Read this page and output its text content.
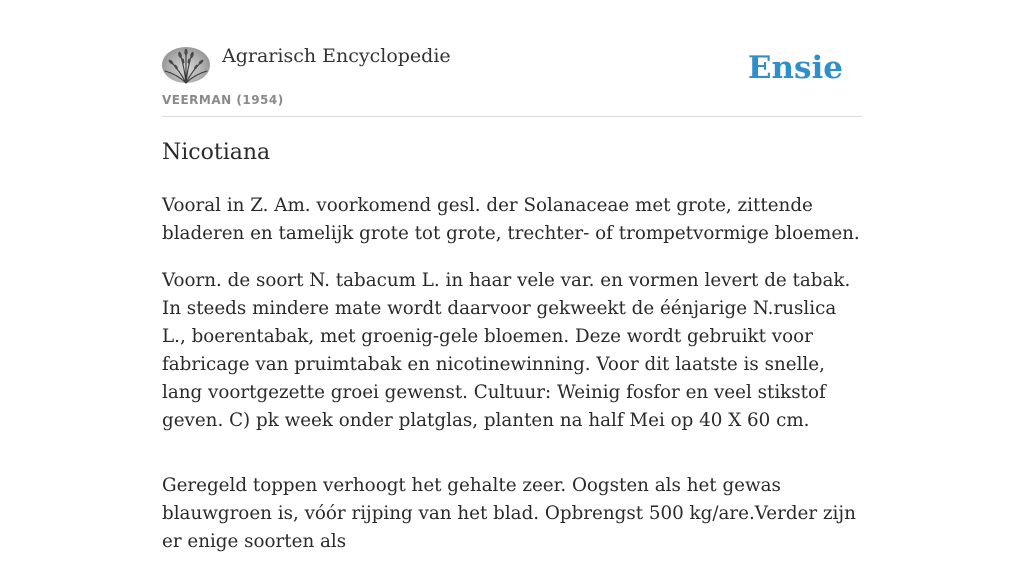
Agrarisch Encyclopedie
VEERMAN (1954)
Ensie
Nicotiana

Vooral in Z. Am. voorkomend gesl. der Solanaceae met grote, zittende bladeren en tamelijk grote tot grote, trechter- of trompetvormige bloemen.

Voorn. de soort N. tabacum L. in haar vele var. en vormen levert de tabak. In steeds mindere mate wordt daarvoor gekweekt de éénjarige N.ruslica L., boerentabak, met groenig-gele bloemen. Deze wordt gebruikt voor fabricage van pruimtabak en nicotinewinning. Voor dit laatste is snelle, lang voortgezette groei gewenst. Cultuur: Weinig fosfor en veel stikstof geven. C) pk week onder platglas, planten na half Mei op 40 X 60 cm.

Geregeld toppen verhoogt het gehalte zeer. Oogsten als het gewas blauwgroen is, vóór rijping van het blad. Opbrengst 500 kg/are.Verder zijn er enige soorten als
